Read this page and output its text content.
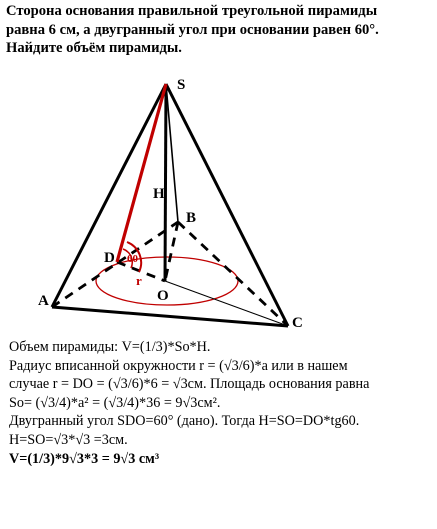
Сторона основания правильной треугольной пирамиды
равна 6 см, а двугранный угол при основании равен 60°.
Найдите объём пирамиды.
S
H
B
D 60
r
O
A
C
Объем пирамиды: V=(1/3)*So*H.
Радиус вписанной окружности r = (√3/6)*a или в нашем
случае r = DO = (√3/6)*6 = √3см. Площадь основания равна
So= (√3/4)*a² = (√3/4)*36 = 9√3см².
Двугранный угол SDO=60° (дано). Тогда H=SO=DO*tg60.
H=SO=√3*√3 =3см.
V=(1/3)*9√3*3 = 9√3 см³
